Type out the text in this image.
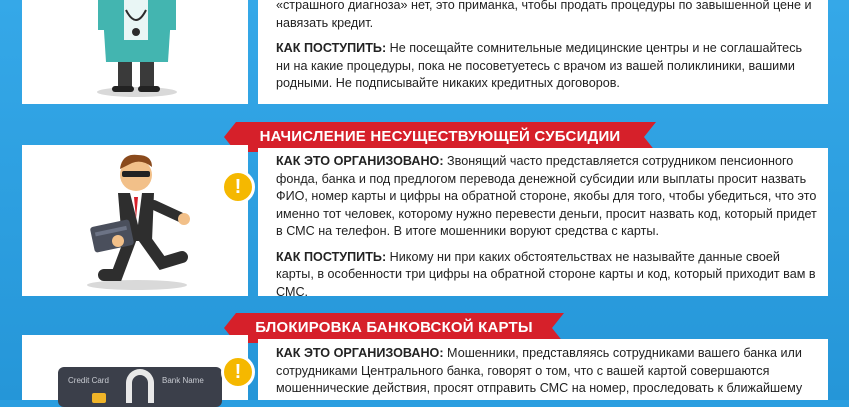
«страшного диагноза» нет, это приманка, чтобы продать процедуры по завышенной цене и
навязать кредит.

КАК ПОСТУПИТЬ: Не посещайте сомнительные медицинские центры и не соглашайтесь ни на какие процедуры, пока не посоветуетесь с врачом из вашей поликлиники, вашими родными. Не подписывайте никаких кредитных договоров.

НАЧИСЛЕНИЕ НЕСУЩЕСТВУЮЩЕЙ СУБСИДИИ
!

КАК ЭТО ОРГАНИЗОВАНО: Звонящий часто представляется сотрудником пенсионного фонда, банка и под предлогом перевода денежной субсидии или выплаты просит назвать ФИО, номер карты и цифры на обратной стороне, якобы для того, чтобы убедиться, что это именно тот человек, которому нужно перевести деньги, просит назвать код, который придет в СМС на телефон. В итоге мошенники воруют средства с карты.

КАК ПОСТУПИТЬ: Никому ни при каких обстоятельствах не называйте данные своей карты, в особенности три цифры на обратной стороне карты и код, который приходит вам в СМС.

БЛОКИРОВКА БАНКОВСКОЙ КАРТЫ
Credit Card	Bank Name	!

КАК ЭТО ОРГАНИЗОВАНО: Мошенники, представляясь сотрудниками вашего банка или сотрудниками Центрального банка, говорят о том, что с вашей картой совершаются мошеннические действия, просят отправить СМС на номер, проследовать к ближайшему
